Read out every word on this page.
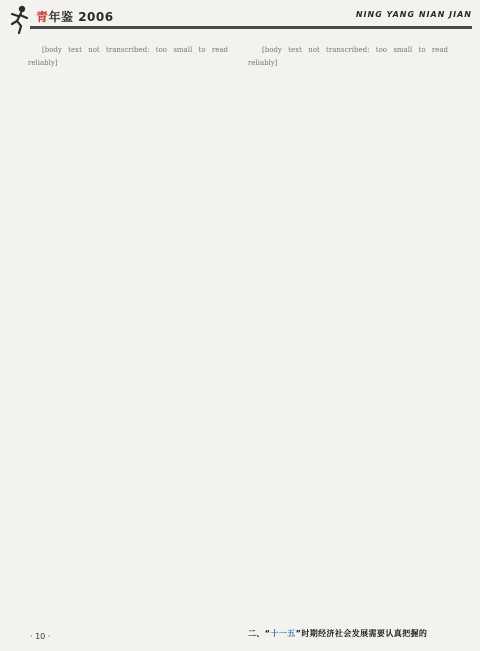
青年鉴 2006	NING YANG NIAN JIAN

[body text not transcribed: too small to read reliably]

[body text not transcribed: too small to read reliably]

二、“十一五”时期经济社会发展需要认真把握的
· 10 ·
